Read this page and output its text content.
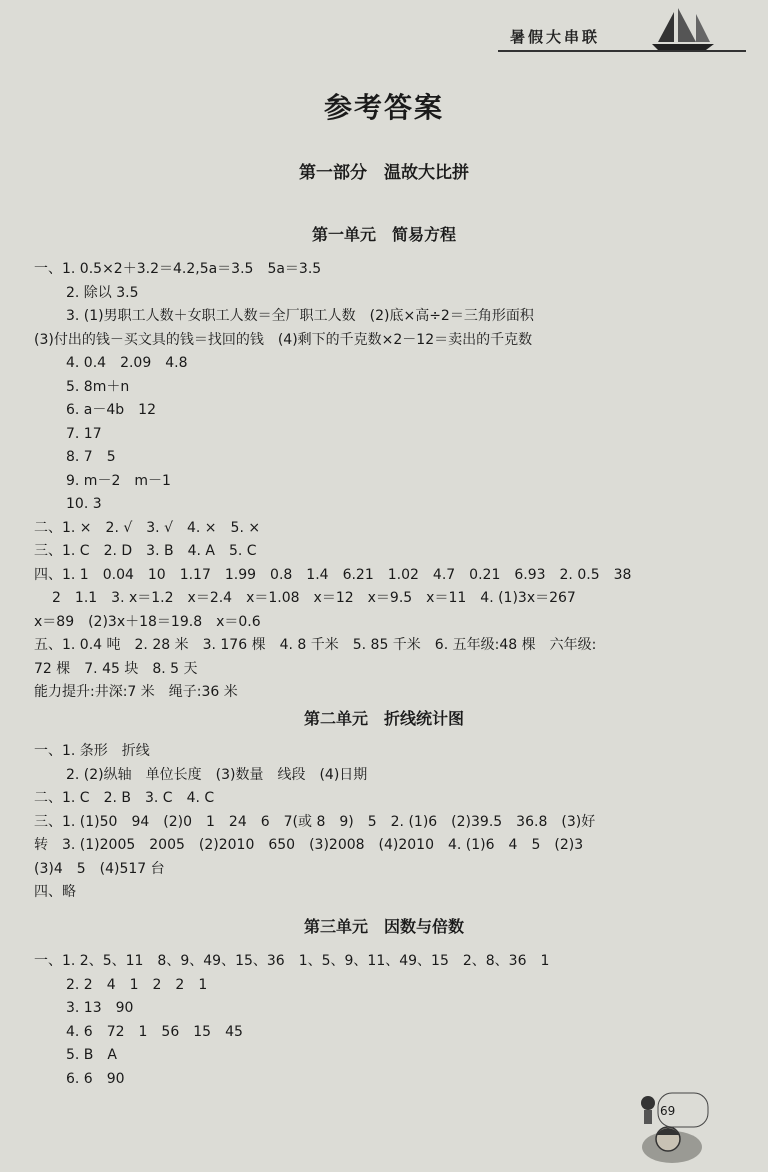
暑假大串联
参考答案
第一部分　温故大比拼
第一单元　简易方程
一、1. 0.5×2＋3.2＝4.2,5a＝3.5　5a＝3.5
2. 除以 3.5
3. (1)男职工人数＋女职工人数＝全厂职工人数　(2)底×高÷2＝三角形面积
(3)付出的钱－买文具的钱＝找回的钱　(4)剩下的千克数×2－12＝卖出的千克数
4. 0.4　2.09　4.8
5. 8m＋n
6. a－4b　12
7. 17
8. 7　5
9. m－2　m－1
10. 3
二、1. ×　2. √　3. √　4. ×　5. ×
三、1. C　2. D　3. B　4. A　5. C
四、1. 1　0.04　10　1.17　1.99　0.8　1.4　6.21　1.02　4.7　0.21　6.93　2. 0.5　38
2　1.1　3. x＝1.2　x＝2.4　x＝1.08　x＝12　x＝9.5　x＝11　4. (1)3x＝267
x＝89　(2)3x＋18＝19.8　x＝0.6
五、1. 0.4 吨　2. 28 米　3. 176 棵　4. 8 千米　5. 85 千米　6. 五年级:48 棵　六年级:
72 棵　7. 45 块　8. 5 天
能力提升:井深:7 米　绳子:36 米
第二单元　折线统计图
一、1. 条形　折线
2. (2)纵轴　单位长度　(3)数量　线段　(4)日期
二、1. C　2. B　3. C　4. C
三、1. (1)50　94　(2)0　1　24　6　7(或 8　9)　5　2. (1)6　(2)39.5　36.8　(3)好
转　3. (1)2005　2005　(2)2010　650　(3)2008　(4)2010　4. (1)6　4　5　(2)3
(3)4　5　(4)517 台
四、略
第三单元　因数与倍数
一、1. 2、5、11　8、9、49、15、36　1、5、9、11、49、15　2、8、36　1
2. 2　4　1　2　2　1
3. 13　90
4. 6　72　1　56　15　45
5. B　A
6. 6　90
69
